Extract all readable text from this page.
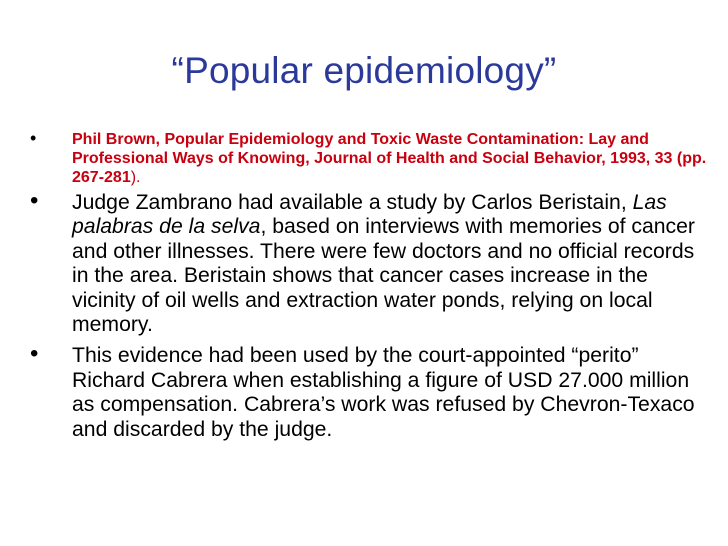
“Popular epidemiology”
• Phil Brown, Popular Epidemiology and Toxic Waste Contamination: Lay and Professional Ways of Knowing, Journal of Health and Social Behavior, 1993, 33 (pp. 267-281).
• Judge Zambrano had available a study by Carlos Beristain, Las palabras de la selva, based on interviews with memories of cancer and other illnesses. There were few doctors and no official records in the area. Beristain shows that cancer cases increase in the vicinity of oil wells and extraction water ponds, relying on local memory.
• This evidence had been used by the court-appointed “perito” Richard Cabrera when establishing a figure of USD 27.000 million as compensation. Cabrera’s work was refused by Chevron-Texaco and discarded by the judge.
